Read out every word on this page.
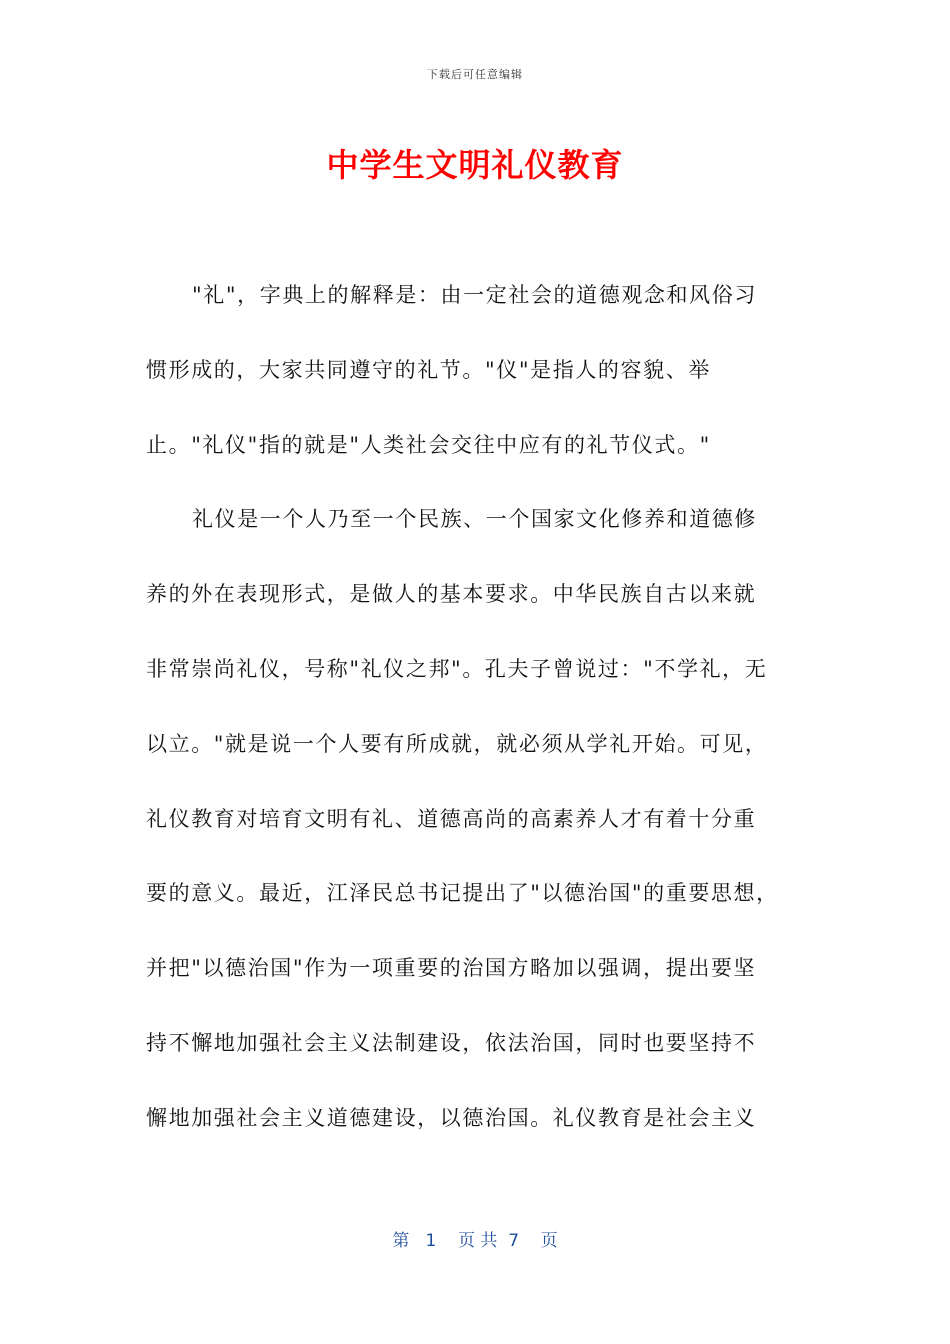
下载后可任意编辑
中学生文明礼仪教育
"礼"，字典上的解释是：由一定社会的道德观念和风俗习
惯形成的，大家共同遵守的礼节。"仪"是指人的容貌、举
止。"礼仪"指的就是"人类社会交往中应有的礼节仪式。"
礼仪是一个人乃至一个民族、一个国家文化修养和道德修
养的外在表现形式，是做人的基本要求。中华民族自古以来就
非常崇尚礼仪，号称"礼仪之邦"。孔夫子曾说过："不学礼，无
以立。"就是说一个人要有所成就，就必须从学礼开始。可见，
礼仪教育对培育文明有礼、道德高尚的高素养人才有着十分重
要的意义。最近，江泽民总书记提出了"以德治国"的重要思想，
并把"以德治国"作为一项重要的治国方略加以强调，提出要坚
持不懈地加强社会主义法制建设，依法治国，同时也要坚持不
懈地加强社会主义道德建设，以德治国。礼仪教育是社会主义
第 1 页 共 7 页
